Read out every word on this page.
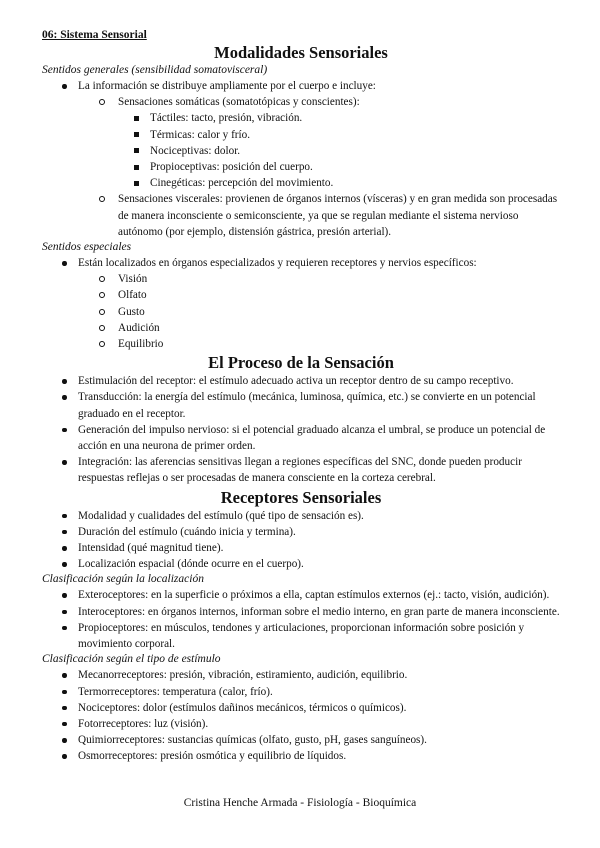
06: Sistema Sensorial

Modalidades Sensoriales

Sentidos generales (sensibilidad somatovisceral)

La información se distribuye ampliamente por el cuerpo e incluye:
Sensaciones somáticas (somatotópicas y conscientes):
Táctiles: tacto, presión, vibración.
Térmicas: calor y frío.
Nociceptivas: dolor.
Propioceptivas: posición del cuerpo.
Cinegéticas: percepción del movimiento.
Sensaciones viscerales: provienen de órganos internos (vísceras) y en gran medida son procesadas de manera inconsciente o semiconsciente, ya que se regulan mediante el sistema nervioso autónomo (por ejemplo, distensión gástrica, presión arterial).

Sentidos especiales

Están localizados en órganos especializados y requieren receptores y nervios específicos:
Visión
Olfato
Gusto
Audición
Equilibrio
El Proceso de la Sensación
Estimulación del receptor: el estímulo adecuado activa un receptor dentro de su campo receptivo.
Transducción: la energía del estímulo (mecánica, luminosa, química, etc.) se convierte en un potencial graduado en el receptor.
Generación del impulso nervioso: si el potencial graduado alcanza el umbral, se produce un potencial de acción en una neurona de primer orden.
Integración: las aferencias sensitivas llegan a regiones específicas del SNC, donde pueden producir respuestas reflejas o ser procesadas de manera consciente en la corteza cerebral.
Receptores Sensoriales
Modalidad y cualidades del estímulo (qué tipo de sensación es).
Duración del estímulo (cuándo inicia y termina).
Intensidad (qué magnitud tiene).
Localización espacial (dónde ocurre en el cuerpo).

Clasificación según la localización

Exteroceptores: en la superficie o próximos a ella, captan estímulos externos (ej.: tacto, visión, audición).
Interoceptores: en órganos internos, informan sobre el medio interno, en gran parte de manera inconsciente.
Propioceptores: en músculos, tendones y articulaciones, proporcionan información sobre posición y movimiento corporal.

Clasificación según el tipo de estímulo

Mecanorreceptores: presión, vibración, estiramiento, audición, equilibrio.
Termorreceptores: temperatura (calor, frío).
Nociceptores: dolor (estímulos dañinos mecánicos, térmicos o químicos).
Fotorreceptores: luz (visión).
Quimiorreceptores: sustancias químicas (olfato, gusto, pH, gases sanguíneos).
Osmorreceptores: presión osmótica y equilibrio de líquidos.
Cristina Henche Armada - Fisiología - Bioquímica
